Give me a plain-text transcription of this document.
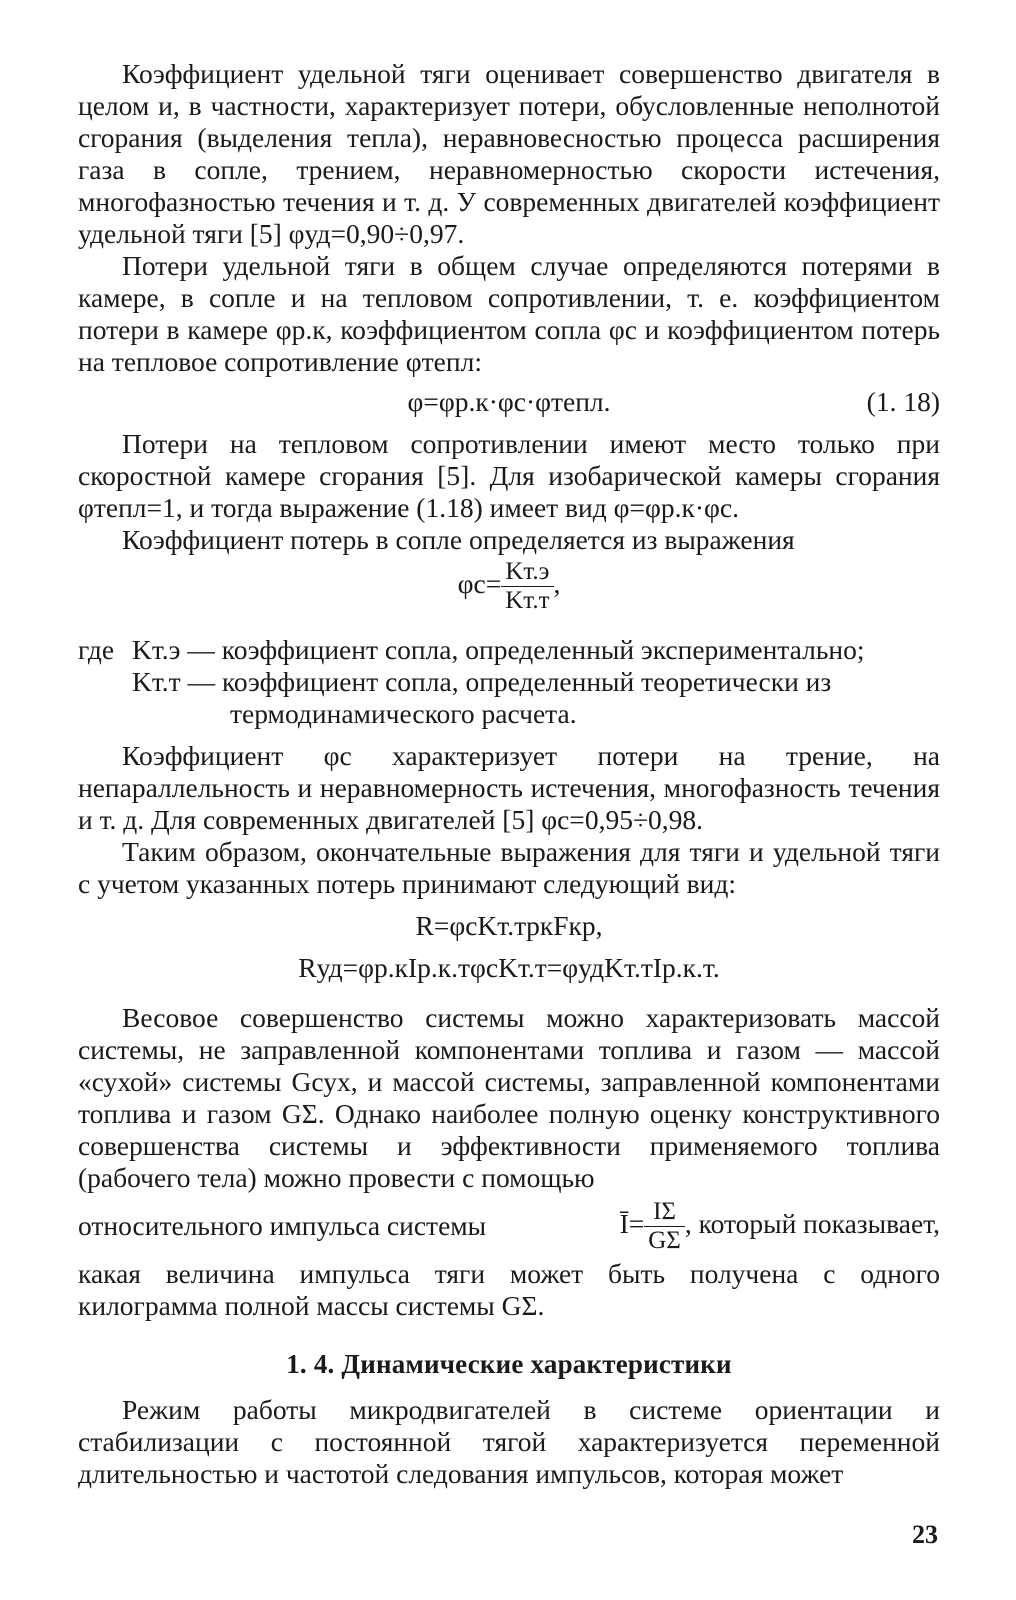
Коэффициент удельной тяги оценивает совершенство двигателя в целом и, в частности, характеризует потери, обусловленные неполнотой сгорания (выделения тепла), неравновесностью процесса расширения газа в сопле, трением, неравномерностью скорости истечения, многофазностью течения и т. д. У современных двигателей коэффициент удельной тяги [5] φуд=0,90÷0,97.

Потери удельной тяги в общем случае определяются потерями в камере, в сопле и на тепловом сопротивлении, т. е. коэффициентом потери в камере φр.к, коэффициентом сопла φс и коэффициентом потерь на тепловое сопротивление φтепл:

φ=φр.к·φс·φтепл.	(1. 18)

Потери на тепловом сопротивлении имеют место только при скоростной камере сгорания [5]. Для изобарической камеры сгорания φтепл=1, и тогда выражение (1.18) имеет вид φ=φр.к·φс.

Коэффициент потерь в сопле определяется из выражения

$\varphi с= \frac{Kт.э}{Kт.т}$ ,
где Kт.э — коэффициент сопла, определенный экспериментально;
Kт.т — коэффициент сопла, определенный теоретически из
термодинамического расчета.

Коэффициент φс характеризует потери на трение, на непараллельность и неравномерность истечения, многофазность течения и т. д. Для современных двигателей [5] φс=0,95÷0,98.

Таким образом, окончательные выражения для тяги и удельной тяги с учетом указанных потерь принимают следующий вид:

R=φсKт.тpкFкр,
Rуд=φр.кIр.к.тφсKт.т=φудKт.тIр.к.т.

Весовое совершенство системы можно характеризовать массой системы, не заправленной компонентами топлива и газом — массой «сухой» системы Gсух, и массой системы, заправленной компонентами топлива и газом GΣ. Однако наиболее полную оценку конструктивного совершенства системы и эффективности применяемого топлива (рабочего тела) можно провести с помощью

относительного импульса системы	Ī= $\frac{I\Sigma}{G\Sigma}$ , который показывает,

какая величина импульса тяги может быть получена с одного килограмма полной массы системы GΣ.

1. 4. Динамические характеристики

Режим работы микродвигателей в системе ориентации и стабилизации с постоянной тягой характеризуется переменной длительностью и частотой следования импульсов, которая может

23
